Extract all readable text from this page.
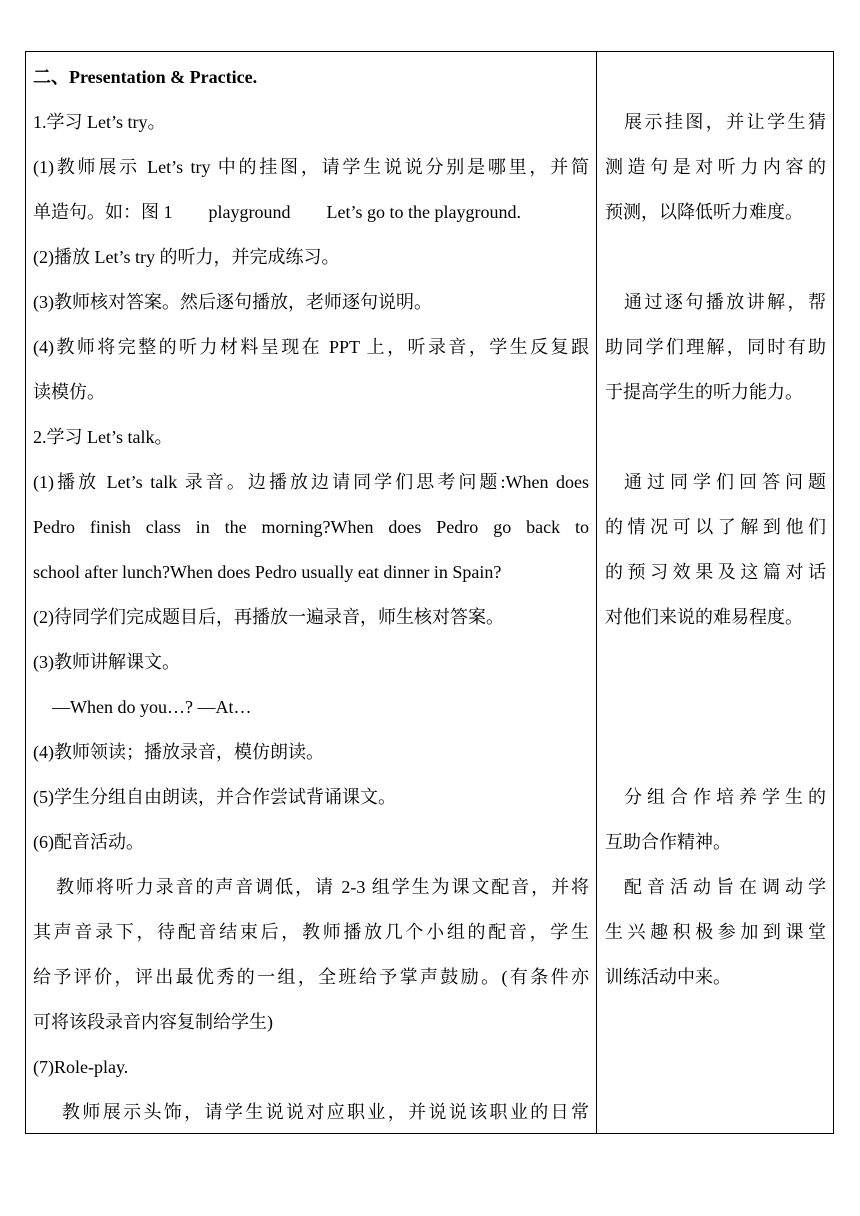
二、Presentation & Practice.
1.学习 Let’s try。
(1)教师展示 Let’s try 中的挂图，请学生说说分别是哪里，并简
单造句。如：图 1　　playground　　Let’s go to the playground.
(2)播放 Let’s try 的听力，并完成练习。
(3)教师核对答案。然后逐句播放，老师逐句说明。
(4)教师将完整的听力材料呈现在 PPT 上，听录音，学生反复跟
读模仿。
2.学习 Let’s talk。
(1)播放 Let’s talk 录音。边播放边请同学们思考问题:When does
Pedro finish class in the morning?When does Pedro go back to
school after lunch?When does Pedro usually eat dinner in Spain?
(2)待同学们完成题目后，再播放一遍录音，师生核对答案。
(3)教师讲解课文。
—When do you…? —At…
(4)教师领读；播放录音，模仿朗读。
(5)学生分组自由朗读，并合作尝试背诵课文。
(6)配音活动。
教师将听力录音的声音调低，请 2-3 组学生为课文配音，并将
其声音录下，待配音结束后，教师播放几个小组的配音，学生
给予评价，评出最优秀的一组，全班给予掌声鼓励。(有条件亦
可将该段录音内容复制给学生)
(7)Role-play.
教师展示头饰，请学生说说对应职业，并说说该职业的日常
展示挂图，并让学生猜
测造句是对听力内容的
预测，以降低听力难度。
通过逐句播放讲解，帮
助同学们理解，同时有助
于提高学生的听力能力。
通过同学们回答问题
的情况可以了解到他们
的预习效果及这篇对话
对他们来说的难易程度。
分组合作培养学生的
互助合作精神。
配音活动旨在调动学
生兴趣积极参加到课堂
训练活动中来。
